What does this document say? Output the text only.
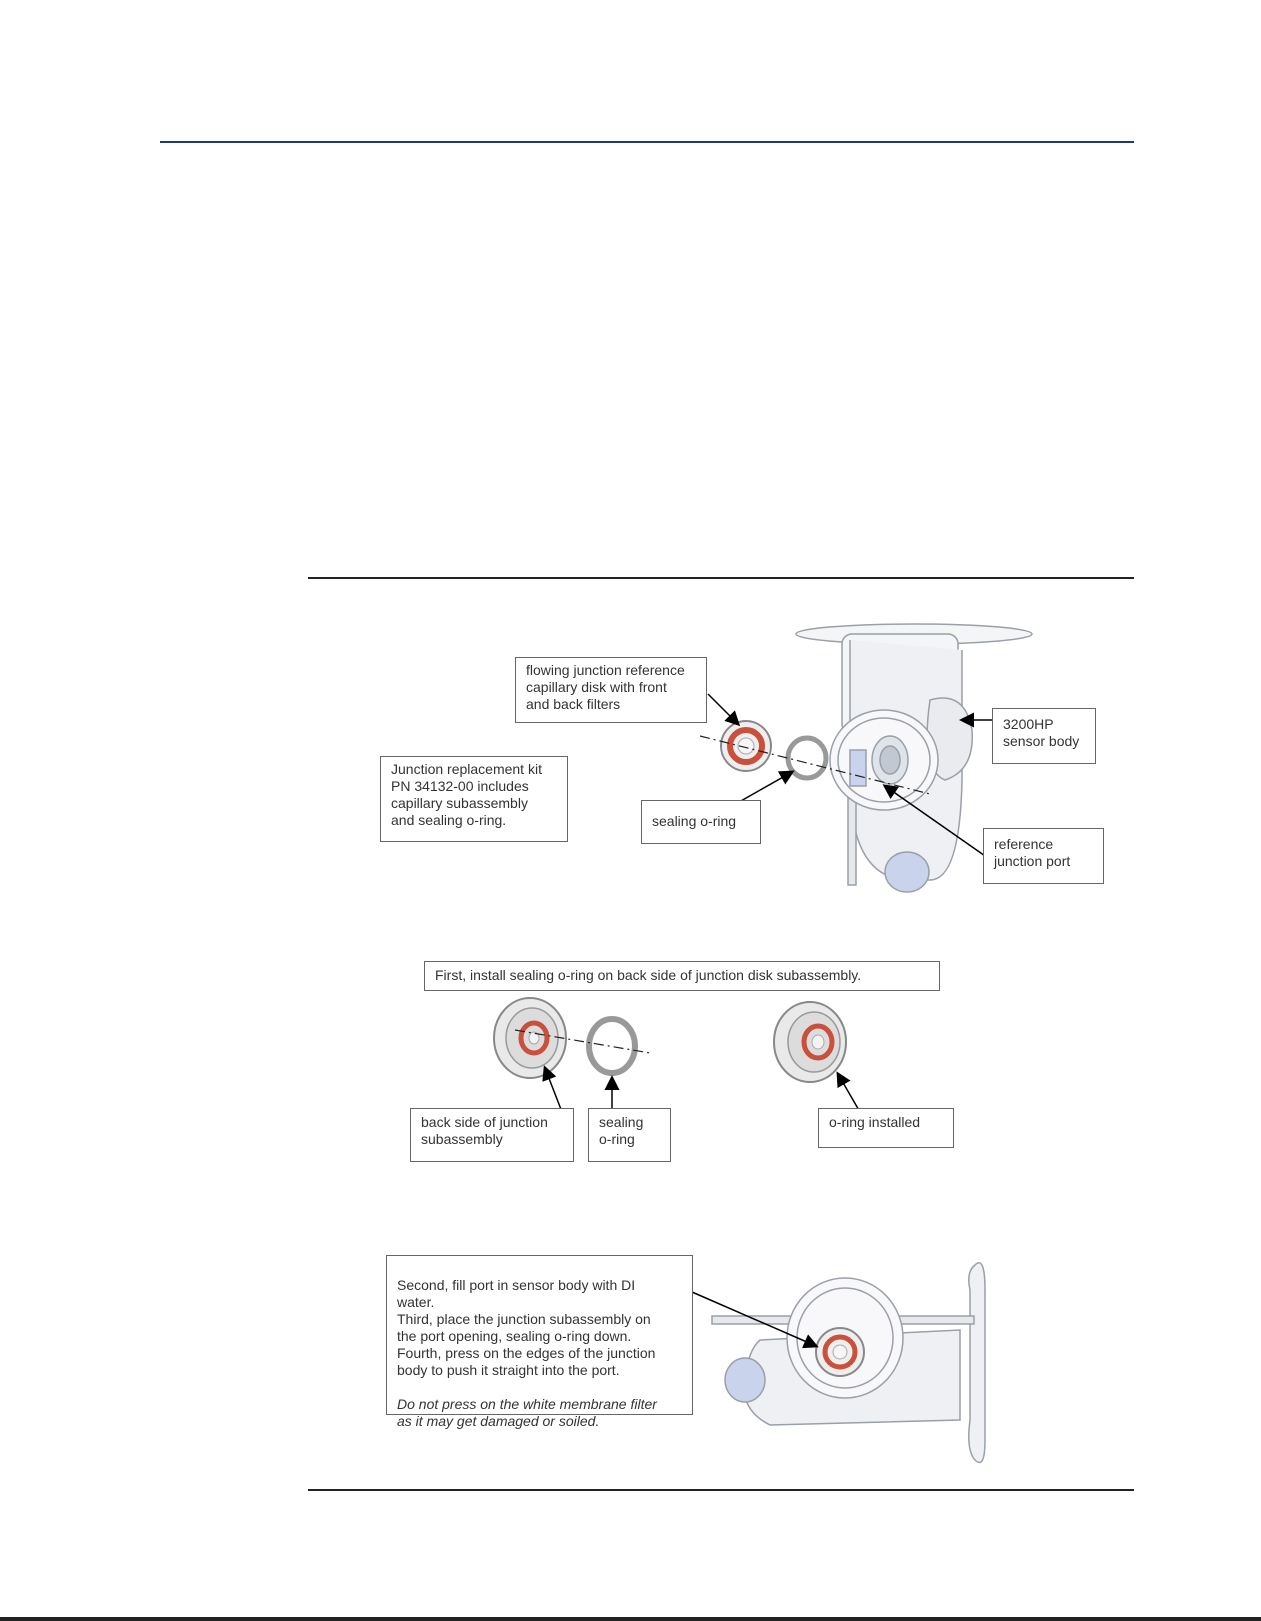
flowing junction reference
capillary disk with front
and back filters
Junction replacement kit
PN 34132-00 includes
capillary subassembly
and sealing o-ring.	sealing o-ring
3200HP
sensor body
reference
junction port
First, install sealing o-ring on back side of junction disk subassembly.
back side of junction
subassembly
sealing
o-ring
o-ring installed

Second, fill port in sensor body with DI
water.
Third, place the junction subassembly on
the port opening, sealing o-ring down.
Fourth, press on the edges of the junction
body to push it straight into the port.

Do not press on the white membrane filter
as it may get damaged or soiled.
